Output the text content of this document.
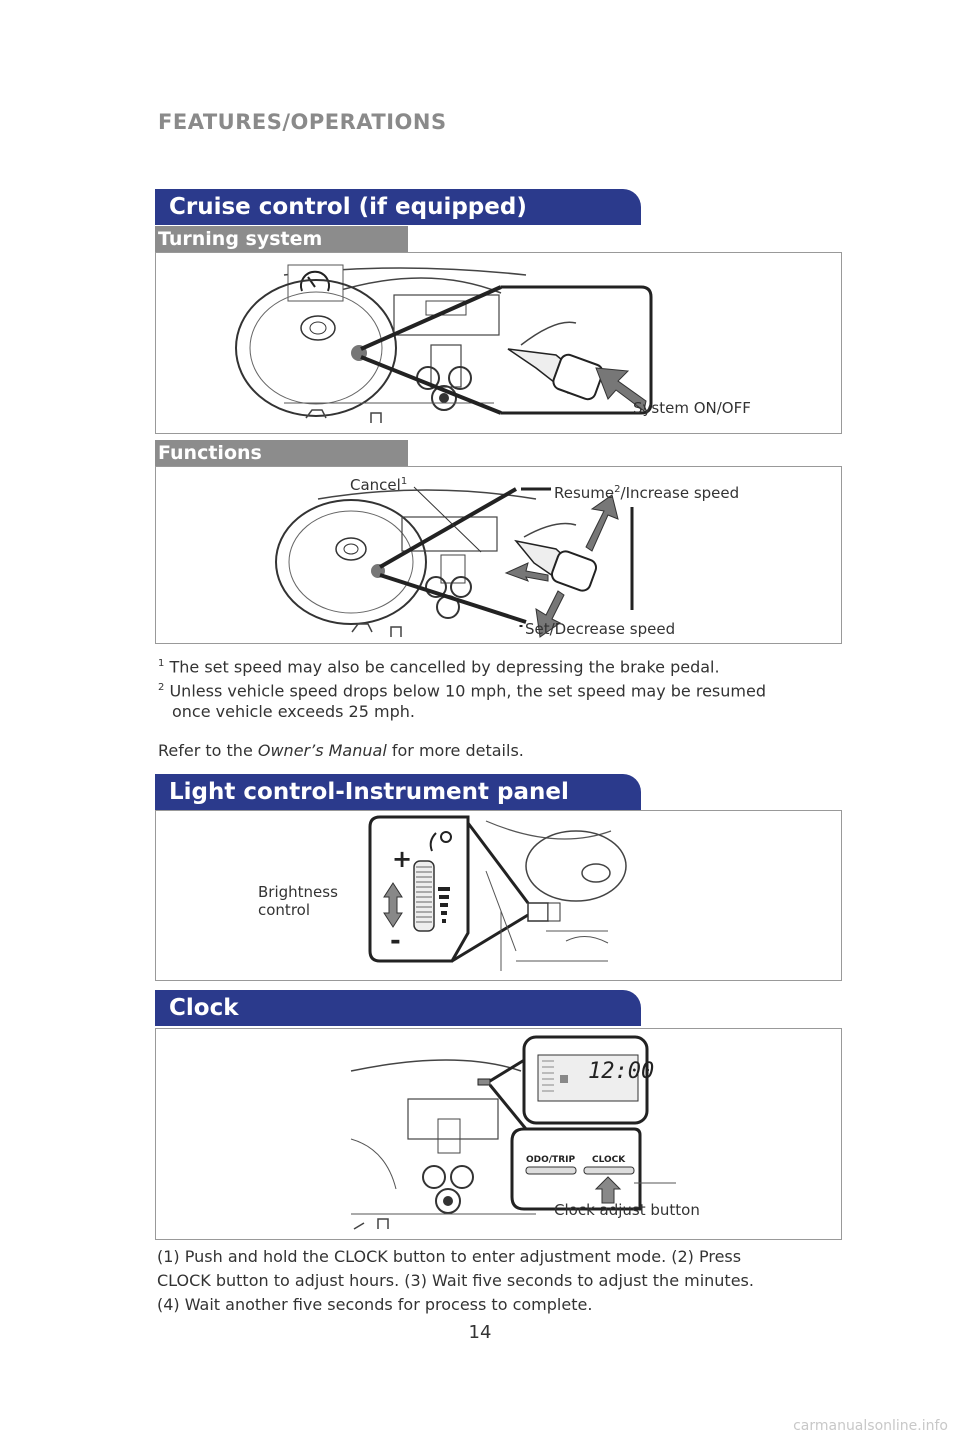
FEATURES/OPERATIONS
Cruise control (if equipped)
Turning system
System ON/OFF
Functions
Cancel$^1$
Resume$^2$/Increase speed
Set/Decrease speed
$^1$ The set speed may also be cancelled by depressing the brake pedal.
$^2$ Unless vehicle speed drops below 10 mph, the set speed may be resumed
once vehicle exceeds 25 mph.
Refer to the Owner’s Manual for more details.
Light control-Instrument panel
+
-
Brightness
control
Clock
12:00
ODO/TRIP CLOCK
Clock adjust button
(1) Push and hold the CLOCK button to enter adjustment mode. (2) Press
CLOCK button to adjust hours. (3) Wait five seconds to adjust the minutes.
(4) Wait another five seconds for process to complete.
14
carmanualsonline.info
